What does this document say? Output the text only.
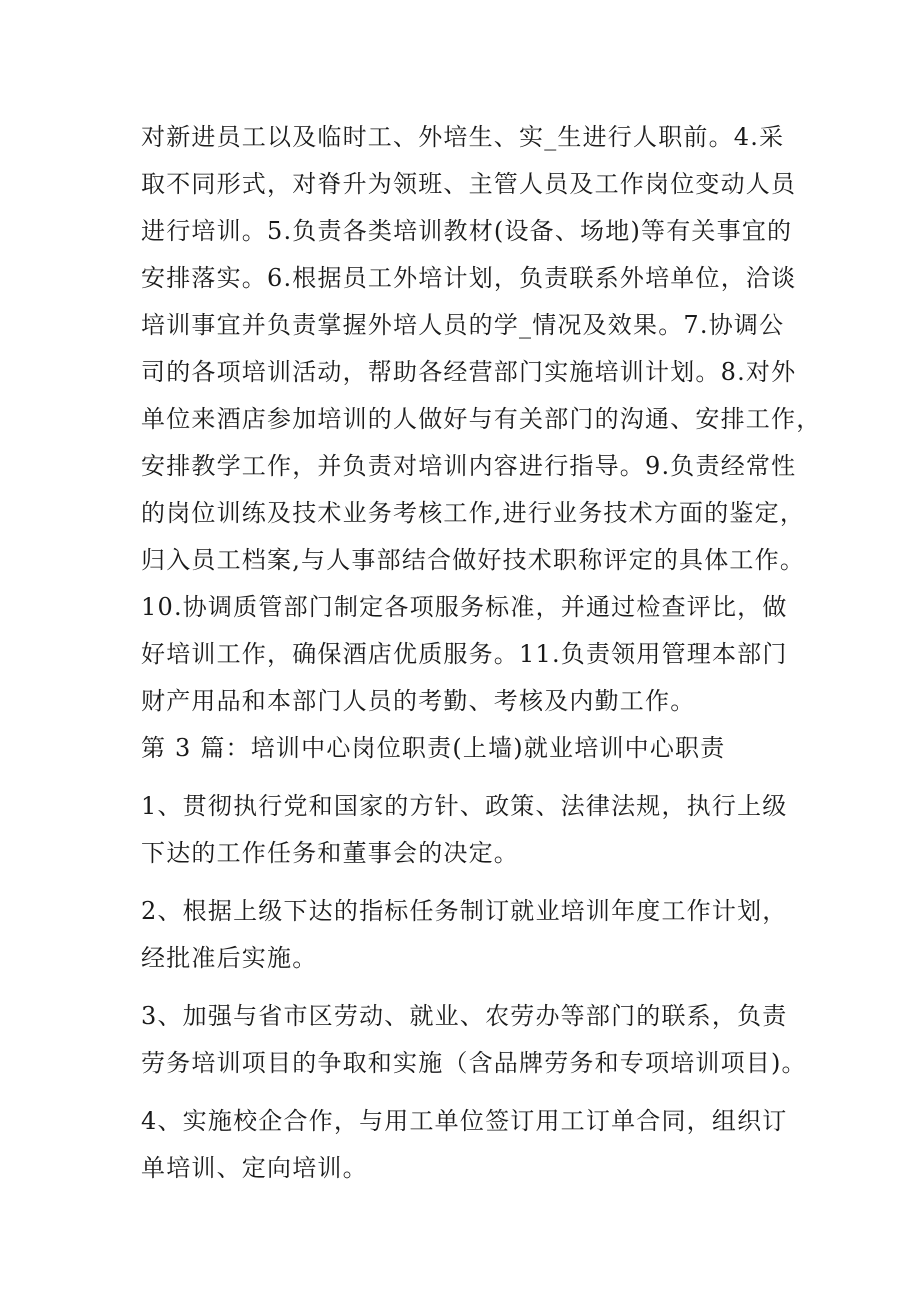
对新进员工以及临时工、外培生、实_生进行人职前。4.采
取不同形式，对脊升为领班、主管人员及工作岗位变动人员
进行培训。5.负责各类培训教材(设备、场地)等有关事宜的
安排落实。6.根据员工外培计划，负责联系外培单位，洽谈
培训事宜并负责掌握外培人员的学_情况及效果。7.协调公
司的各项培训活动，帮助各经营部门实施培训计划。8.对外
单位来酒店参加培训的人做好与有关部门的沟通、安排工作，
安排教学工作，并负责对培训内容进行指导。9.负责经常性
的岗位训练及技术业务考核工作,进行业务技术方面的鉴定，
归入员工档案,与人事部结合做好技术职称评定的具体工作。
10.协调质管部门制定各项服务标准，并通过检查评比，做
好培训工作，确保酒店优质服务。11.负责领用管理本部门
财产用品和本部门人员的考勤、考核及内勤工作。
第 3 篇：培训中心岗位职责(上墙)就业培训中心职责
1、贯彻执行党和国家的方针、政策、法律法规，执行上级
下达的工作任务和董事会的决定。
2、根据上级下达的指标任务制订就业培训年度工作计划，
经批准后实施。
3、加强与省市区劳动、就业、农劳办等部门的联系，负责
劳务培训项目的争取和实施（含品牌劳务和专项培训项目)。
4、实施校企合作，与用工单位签订用工订单合同，组织订
单培训、定向培训。
